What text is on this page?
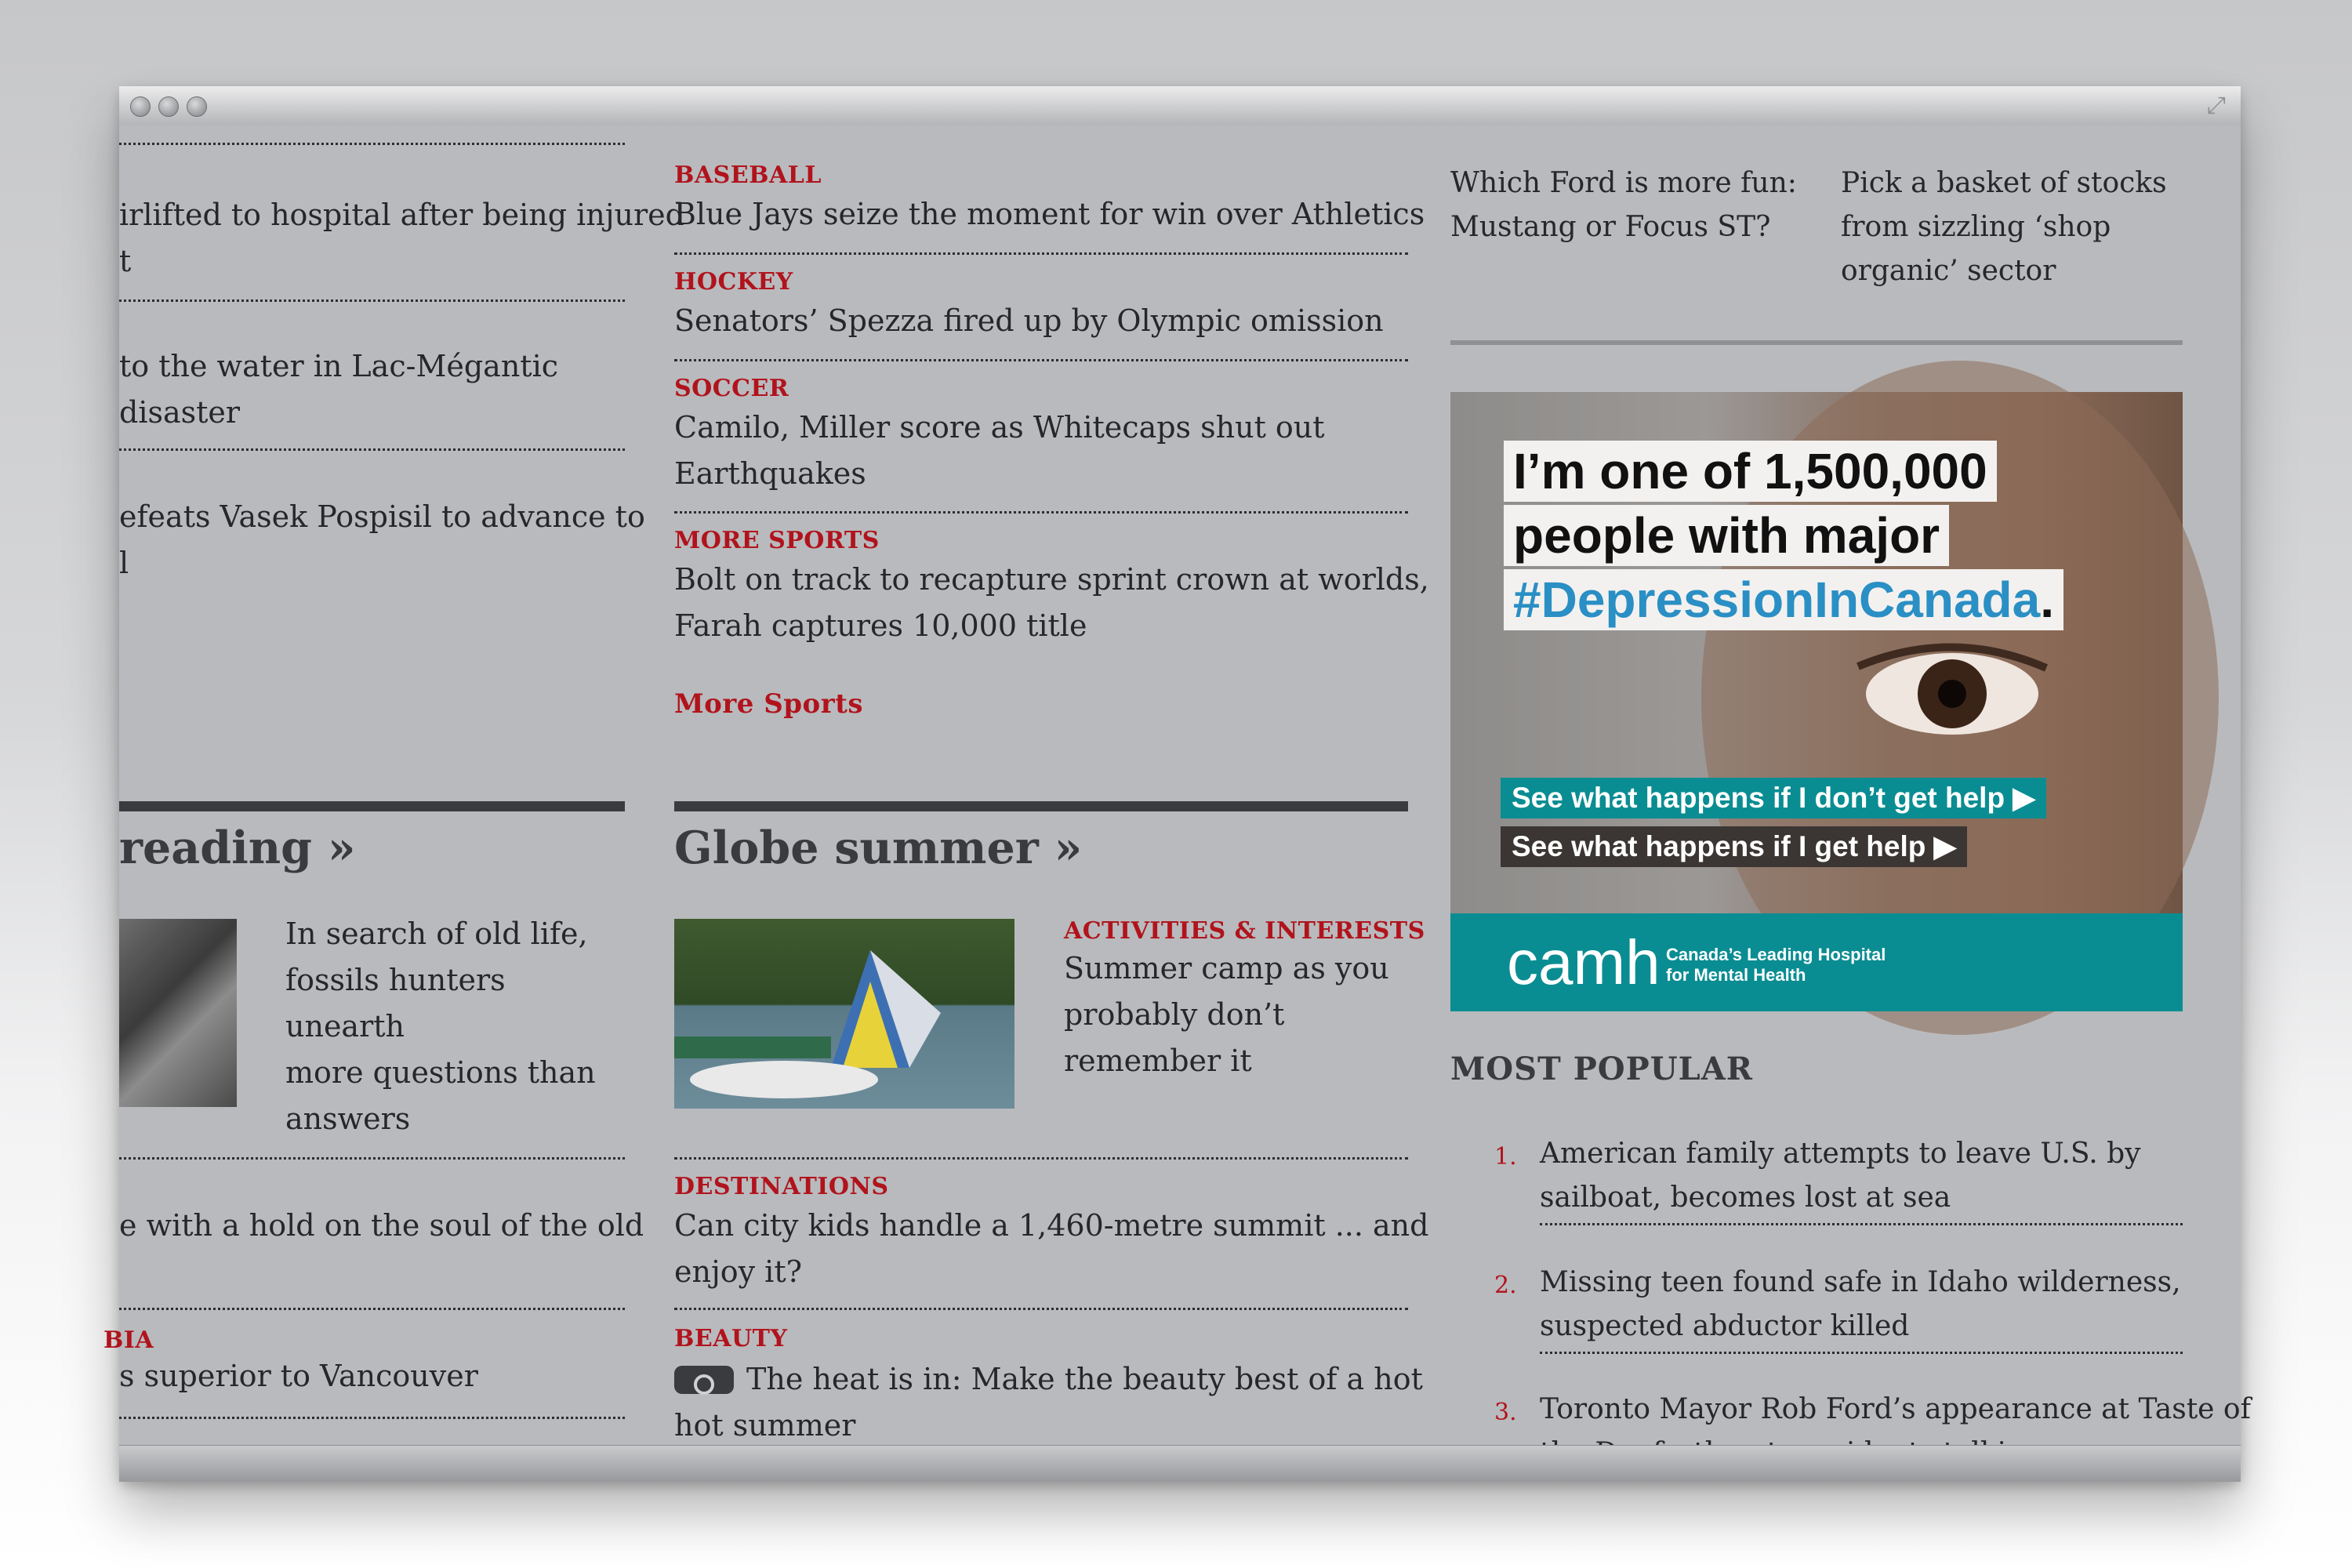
⤢
irlifted to hospital after being injured
t
to the water in Lac-Mégantic
disaster
efeats Vasek Pospisil to advance to
l
reading »
In search of old life,
fossils hunters unearth
more questions than
answers
e with a hold on the soul of the old
BIA
s superior to Vancouver
BASEBALL
Blue Jays seize the moment for win over Athletics
HOCKEY
Senators’ Spezza fired up by Olympic omission
SOCCER
Camilo, Miller score as Whitecaps shut out
Earthquakes
MORE SPORTS
Bolt on track to recapture sprint crown at worlds,
Farah captures 10,000 title
More Sports
Globe summer »
ACTIVITIES & INTERESTS
Summer camp as you
probably don’t
remember it
DESTINATIONS
Can city kids handle a 1,460-metre summit ... and
enjoy it?
BEAUTY
The heat is in: Make the beauty best of a hot
hot summer
Which Ford is more fun:
Mustang or Focus ST?
Pick a basket of stocks
from sizzling ‘shop
organic’ sector
I’m one of 1,500,000
people with major
#DepressionInCanada.
See what happens if I don’t get help ▶
See what happens if I get help ▶
camh Canada’s Leading Hospital
for Mental Health
MOST POPULAR
1. American family attempts to leave U.S. by
sailboat, becomes lost at sea
2. Missing teen found safe in Idaho wilderness,
suspected abductor killed
3. Toronto Mayor Rob Ford’s appearance at Taste of
